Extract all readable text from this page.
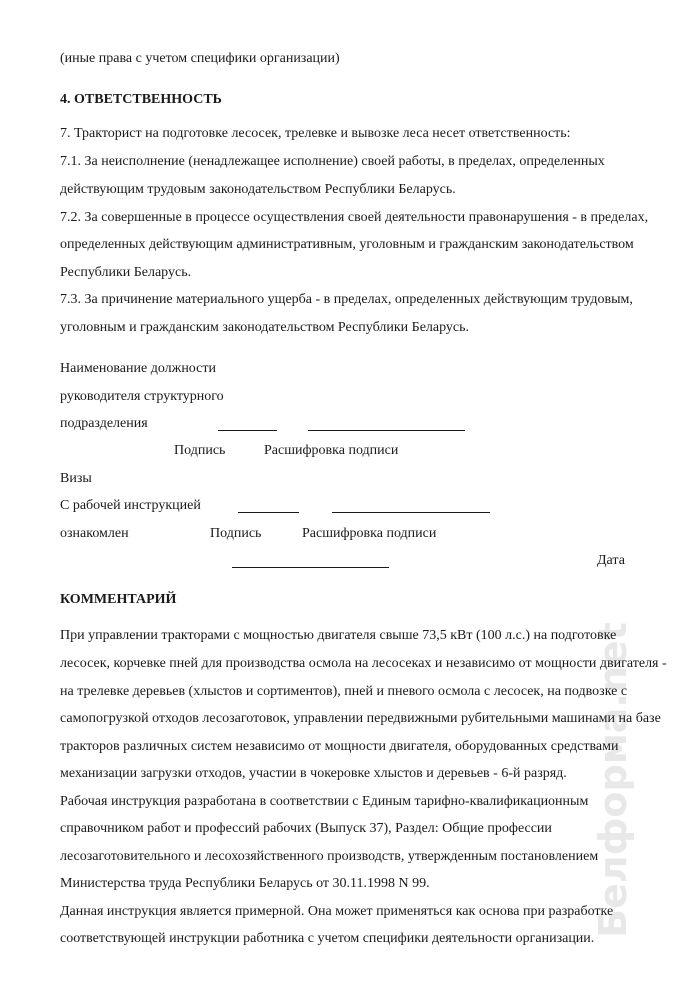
Белформа.net

(иные права с учетом специфики организации)

4. ОТВЕТСТВЕННОСТЬ

7. Тракторист на подготовке лесосек, трелевке и вывозке леса несет ответственность:

7.1. За неисполнение (ненадлежащее исполнение) своей работы, в пределах, определенных

действующим трудовым законодательством Республики Беларусь.

7.2. За совершенные в процессе осуществления своей деятельности правонарушения - в пределах,

определенных действующим административным, уголовным и гражданским законодательством

Республики Беларусь.

7.3. За причинение материального ущерба - в пределах, определенных действующим трудовым,

уголовным и гражданским законодательством Республики Беларусь.

Наименование должности

руководителя структурного

подразделения

Подпись	Расшифровка подписи

Визы

С рабочей инструкцией

ознакомлен	Подпись	Расшифровка подписи

Дата

КОММЕНТАРИЙ

При управлении тракторами с мощностью двигателя свыше 73,5 кВт (100 л.с.) на подготовке

лесосек, корчевке пней для производства осмола на лесосеках и независимо от мощности двигателя -

на трелевке деревьев (хлыстов и сортиментов), пней и пневого осмола с лесосек, на подвозке с

самопогрузкой отходов лесозаготовок, управлении передвижными рубительными машинами на базе

тракторов различных систем независимо от мощности двигателя, оборудованных средствами

механизации загрузки отходов, участии в чокеровке хлыстов и деревьев - 6-й разряд.

Рабочая инструкция разработана в соответствии с Единым тарифно-квалификационным

справочником работ и профессий рабочих (Выпуск 37), Раздел: Общие профессии

лесозаготовительного и лесохозяйственного производств, утвержденным постановлением

Министерства труда Республики Беларусь от 30.11.1998 N 99.

Данная инструкция является примерной. Она может применяться как основа при разработке

соответствующей инструкции работника с учетом специфики деятельности организации.
